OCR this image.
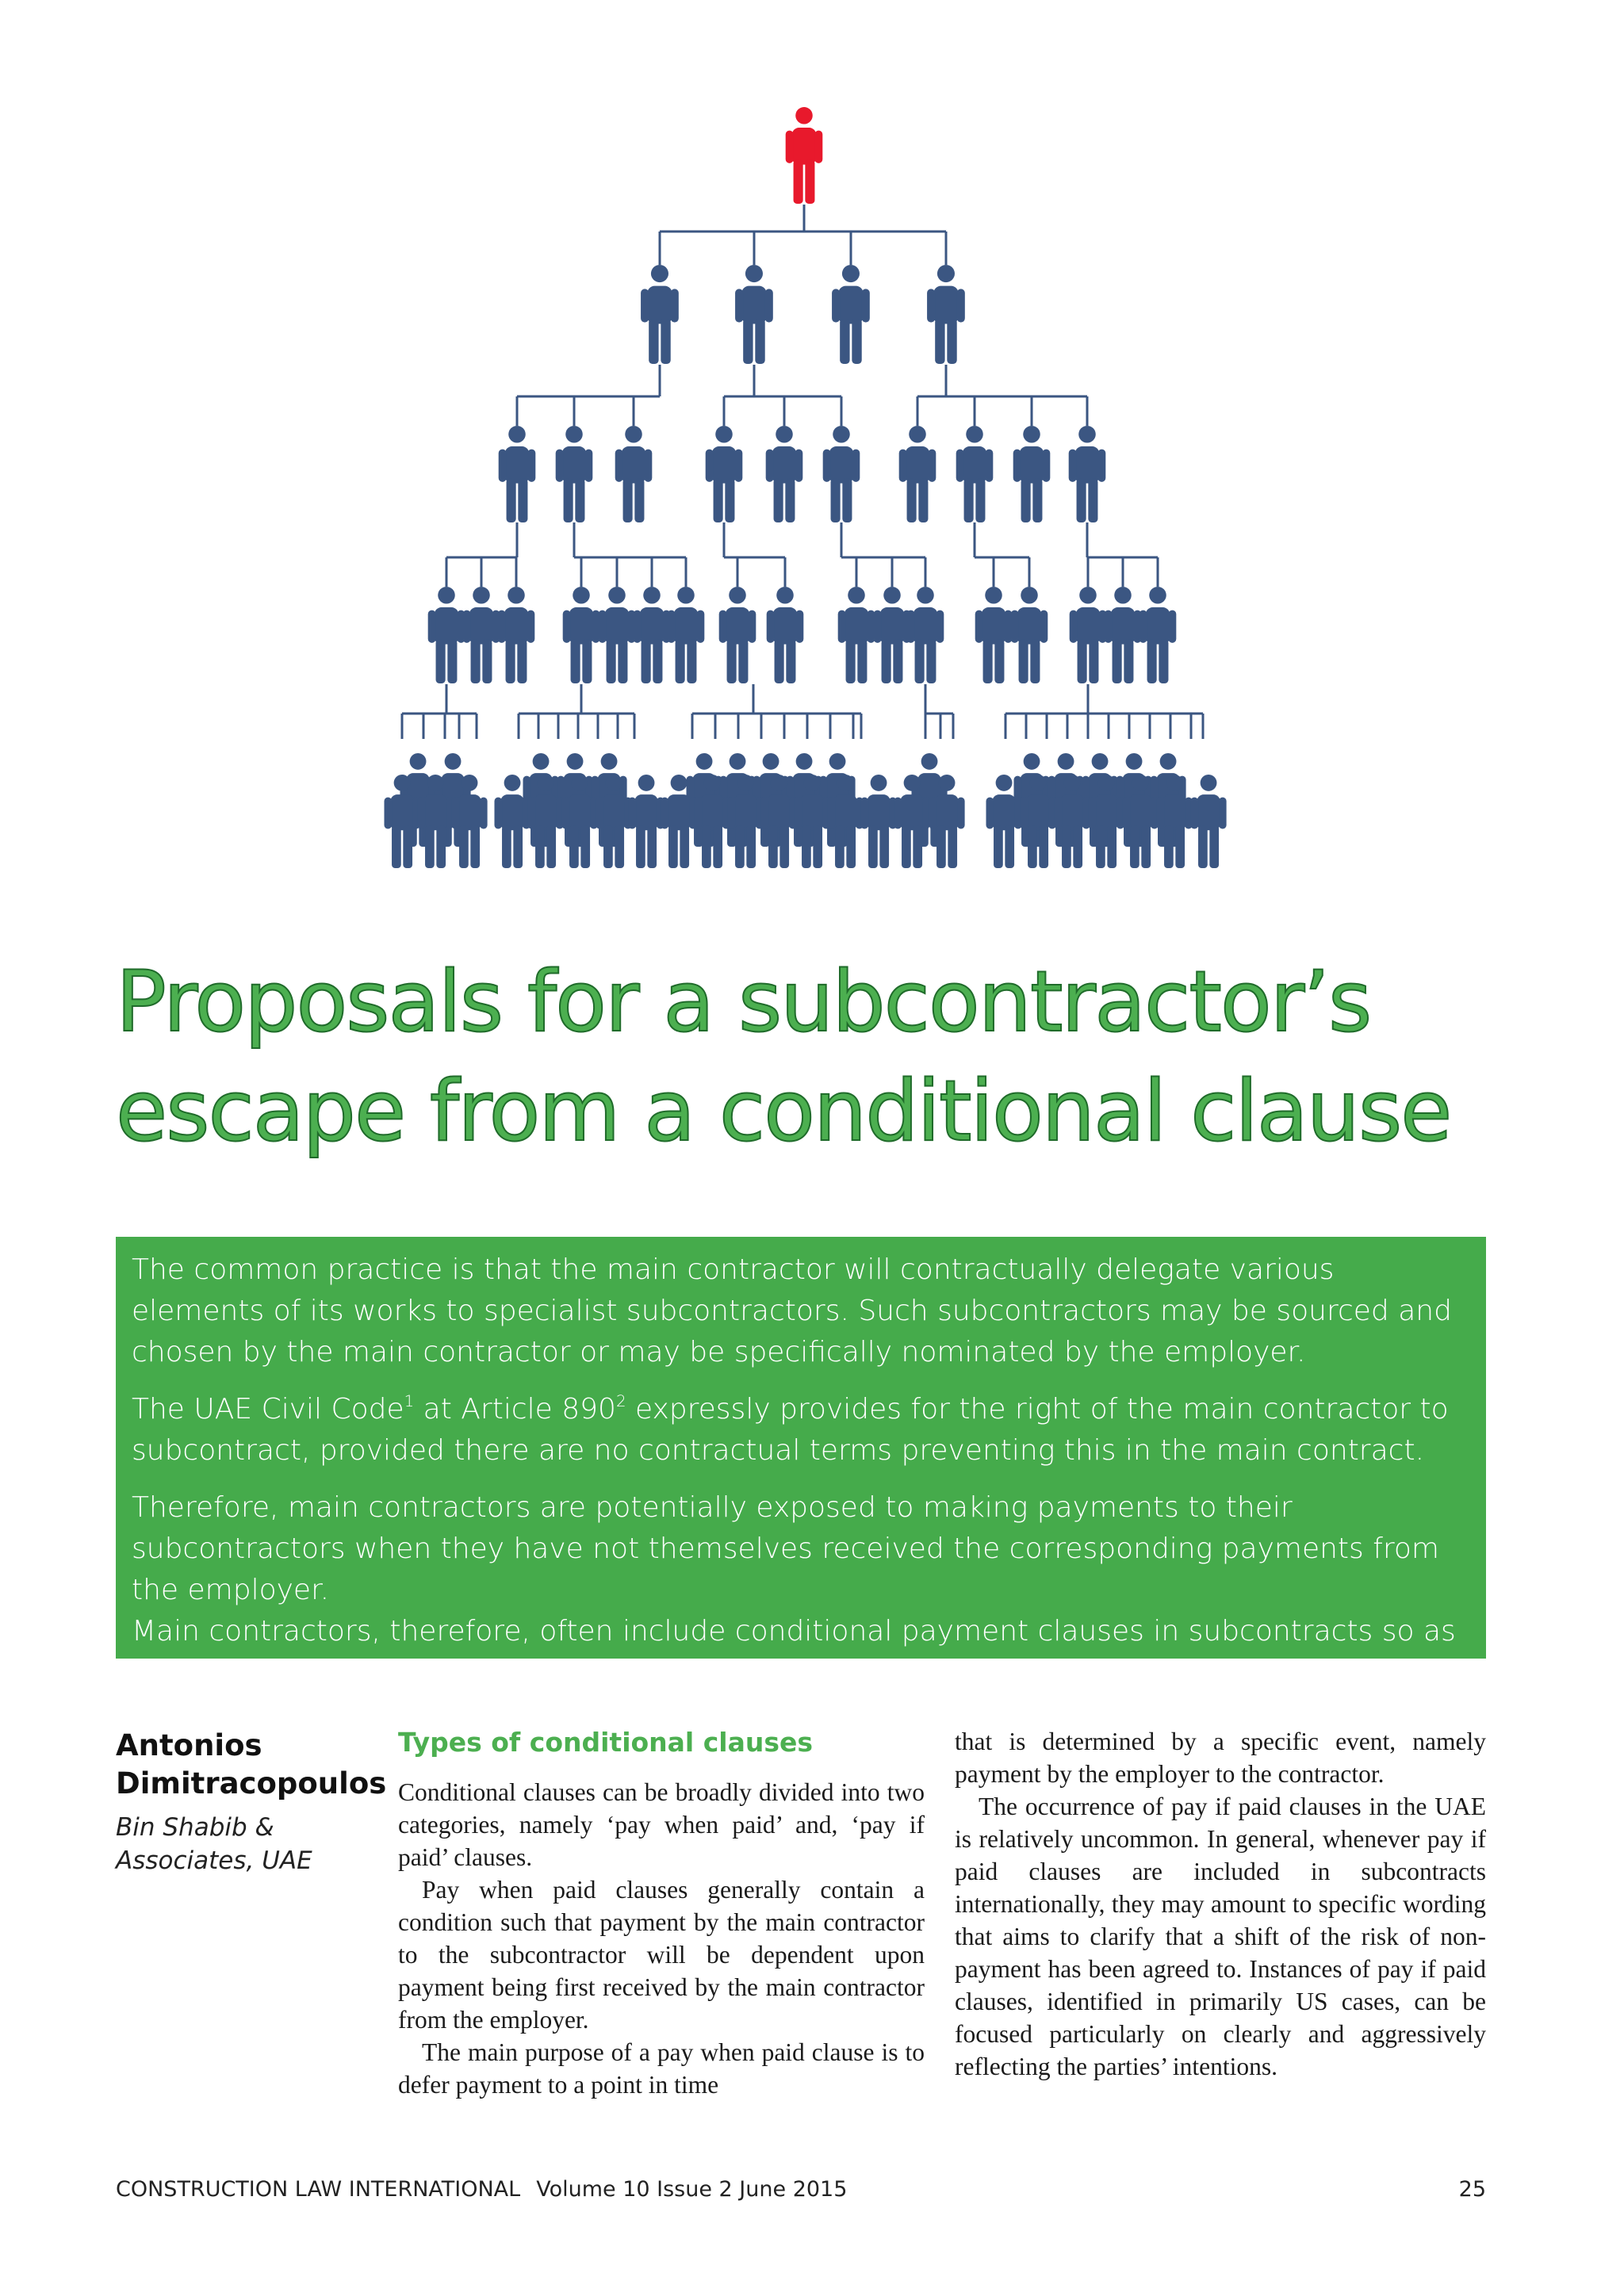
Proposals for a subcontractor’s
escape from a conditional clause

The common practice is that the main contractor will contractually delegate various elements of its works to specialist subcontractors. Such subcontractors may be sourced and chosen by the main contractor or may be specifically nominated by the employer.

The UAE Civil Code$^1$ at Article $890^2$ expressly provides for the right of the main contractor to subcontract, provided there are no contractual terms preventing this in the main contract.

Therefore, main contractors are potentially exposed to making payments to their subcontractors when they have not themselves received the corresponding payments from the employer.

Main contractors, therefore, often include conditional payment clauses in subcontracts so as to confer payment related risks onto the subcontractor.

Antonios
Dimitracopoulos
Bin Shabib &
Associates, UAE
Types of conditional clauses

Conditional clauses can be broadly divided into two categories, namely ‘pay when paid’ and, ‘pay if paid’ clauses.

Pay when paid clauses generally contain a condition such that payment by the main contractor to the subcontractor will be dependent upon payment being first received by the main contractor from the employer.

The main purpose of a pay when paid clause is to defer payment to a point in time

that is determined by a specific event, namely payment by the employer to the contractor.

The occurrence of pay if paid clauses in the UAE is relatively uncommon. In general, whenever pay if paid clauses are included in subcontracts internationally, they may amount to specific wording that aims to clarify that a shift of the risk of non-payment has been agreed to. Instances of pay if paid clauses, identified in primarily US cases, can be focused particularly on clearly and aggressively reflecting the parties’ intentions.

CONSTRUCTION LAW INTERNATIONAL Volume 10 Issue 2 June 2015	25
